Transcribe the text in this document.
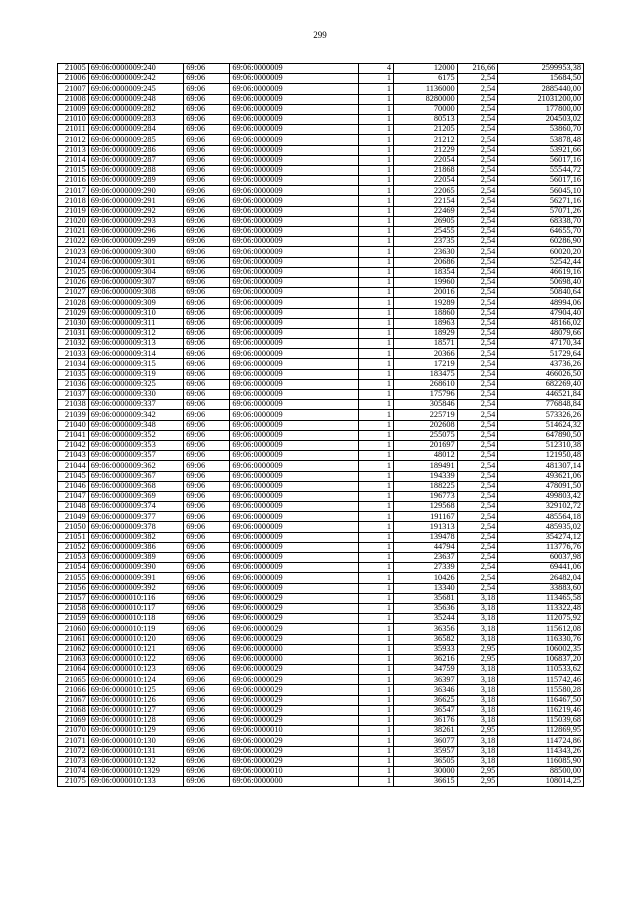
299
21005	69:06:0000009:240	69:06	69:06:0000009	4	12000	216,66	2599953,38
21006	69:06:0000009:242	69:06	69:06:0000009	1	6175	2,54	15684,50
21007	69:06:0000009:245	69:06	69:06:0000009	1	1136000	2,54	2885440,00
21008	69:06:0000009:248	69:06	69:06:0000009	1	8280000	2,54	21031200,00
21009	69:06:0000009:282	69:06	69:06:0000009	1	70000	2,54	177800,00
21010	69:06:0000009:283	69:06	69:06:0000009	1	80513	2,54	204503,02
21011	69:06:0000009:284	69:06	69:06:0000009	1	21205	2,54	53860,70
21012	69:06:0000009:285	69:06	69:06:0000009	1	21212	2,54	53878,48
21013	69:06:0000009:286	69:06	69:06:0000009	1	21229	2,54	53921,66
21014	69:06:0000009:287	69:06	69:06:0000009	1	22054	2,54	56017,16
21015	69:06:0000009:288	69:06	69:06:0000009	1	21868	2,54	55544,72
21016	69:06:0000009:289	69:06	69:06:0000009	1	22054	2,54	56017,16
21017	69:06:0000009:290	69:06	69:06:0000009	1	22065	2,54	56045,10
21018	69:06:0000009:291	69:06	69:06:0000009	1	22154	2,54	56271,16
21019	69:06:0000009:292	69:06	69:06:0000009	1	22469	2,54	57071,26
21020	69:06:0000009:293	69:06	69:06:0000009	1	26905	2,54	68338,70
21021	69:06:0000009:296	69:06	69:06:0000009	1	25455	2,54	64655,70
21022	69:06:0000009:299	69:06	69:06:0000009	1	23735	2,54	60286,90
21023	69:06:0000009:300	69:06	69:06:0000009	1	23630	2,54	60020,20
21024	69:06:0000009:301	69:06	69:06:0000009	1	20686	2,54	52542,44
21025	69:06:0000009:304	69:06	69:06:0000009	1	18354	2,54	46619,16
21026	69:06:0000009:307	69:06	69:06:0000009	1	19960	2,54	50698,40
21027	69:06:0000009:308	69:06	69:06:0000009	1	20016	2,54	50840,64
21028	69:06:0000009:309	69:06	69:06:0000009	1	19289	2,54	48994,06
21029	69:06:0000009:310	69:06	69:06:0000009	1	18860	2,54	47904,40
21030	69:06:0000009:311	69:06	69:06:0000009	1	18963	2,54	48166,02
21031	69:06:0000009:312	69:06	69:06:0000009	1	18929	2,54	48079,66
21032	69:06:0000009:313	69:06	69:06:0000009	1	18571	2,54	47170,34
21033	69:06:0000009:314	69:06	69:06:0000009	1	20366	2,54	51729,64
21034	69:06:0000009:315	69:06	69:06:0000009	1	17219	2,54	43736,26
21035	69:06:0000009:319	69:06	69:06:0000009	1	183475	2,54	466026,50
21036	69:06:0000009:325	69:06	69:06:0000009	1	268610	2,54	682269,40
21037	69:06:0000009:330	69:06	69:06:0000009	1	175796	2,54	446521,84
21038	69:06:0000009:337	69:06	69:06:0000009	1	305846	2,54	776848,84
21039	69:06:0000009:342	69:06	69:06:0000009	1	225719	2,54	573326,26
21040	69:06:0000009:348	69:06	69:06:0000009	1	202608	2,54	514624,32
21041	69:06:0000009:352	69:06	69:06:0000009	1	255075	2,54	647890,50
21042	69:06:0000009:353	69:06	69:06:0000009	1	201697	2,54	512310,38
21043	69:06:0000009:357	69:06	69:06:0000009	1	48012	2,54	121950,48
21044	69:06:0000009:362	69:06	69:06:0000009	1	189491	2,54	481307,14
21045	69:06:0000009:367	69:06	69:06:0000009	1	194339	2,54	493621,06
21046	69:06:0000009:368	69:06	69:06:0000009	1	188225	2,54	478091,50
21047	69:06:0000009:369	69:06	69:06:0000009	1	196773	2,54	499803,42
21048	69:06:0000009:374	69:06	69:06:0000009	1	129568	2,54	329102,72
21049	69:06:0000009:377	69:06	69:06:0000009	1	191167	2,54	485564,18
21050	69:06:0000009:378	69:06	69:06:0000009	1	191313	2,54	485935,02
21051	69:06:0000009:382	69:06	69:06:0000009	1	139478	2,54	354274,12
21052	69:06:0000009:386	69:06	69:06:0000009	1	44794	2,54	113776,76
21053	69:06:0000009:389	69:06	69:06:0000009	1	23637	2,54	60037,98
21054	69:06:0000009:390	69:06	69:06:0000009	1	27339	2,54	69441,06
21055	69:06:0000009:391	69:06	69:06:0000009	1	10426	2,54	26482,04
21056	69:06:0000009:392	69:06	69:06:0000009	1	13340	2,54	33883,60
21057	69:06:0000010:116	69:06	69:06:0000029	1	35681	3,18	113465,58
21058	69:06:0000010:117	69:06	69:06:0000029	1	35636	3,18	113322,48
21059	69:06:0000010:118	69:06	69:06:0000029	1	35244	3,18	112075,92
21060	69:06:0000010:119	69:06	69:06:0000029	1	36356	3,18	115612,08
21061	69:06:0000010:120	69:06	69:06:0000029	1	36582	3,18	116330,76
21062	69:06:0000010:121	69:06	69:06:0000000	1	35933	2,95	106002,35
21063	69:06:0000010:122	69:06	69:06:0000000	1	36216	2,95	106837,20
21064	69:06:0000010:123	69:06	69:06:0000029	1	34759	3,18	110533,62
21065	69:06:0000010:124	69:06	69:06:0000029	1	36397	3,18	115742,46
21066	69:06:0000010:125	69:06	69:06:0000029	1	36346	3,18	115580,28
21067	69:06:0000010:126	69:06	69:06:0000029	1	36625	3,18	116467,50
21068	69:06:0000010:127	69:06	69:06:0000029	1	36547	3,18	116219,46
21069	69:06:0000010:128	69:06	69:06:0000029	1	36176	3,18	115039,68
21070	69:06:0000010:129	69:06	69:06:0000010	1	38261	2,95	112869,95
21071	69:06:0000010:130	69:06	69:06:0000029	1	36077	3,18	114724,86
21072	69:06:0000010:131	69:06	69:06:0000029	1	35957	3,18	114343,26
21073	69:06:0000010:132	69:06	69:06:0000029	1	36505	3,18	116085,90
21074	69:06:0000010:1329	69:06	69:06:0000010	1	30000	2,95	88500,00
21075	69:06:0000010:133	69:06	69:06:0000000	1	36615	2,95	108014,25
